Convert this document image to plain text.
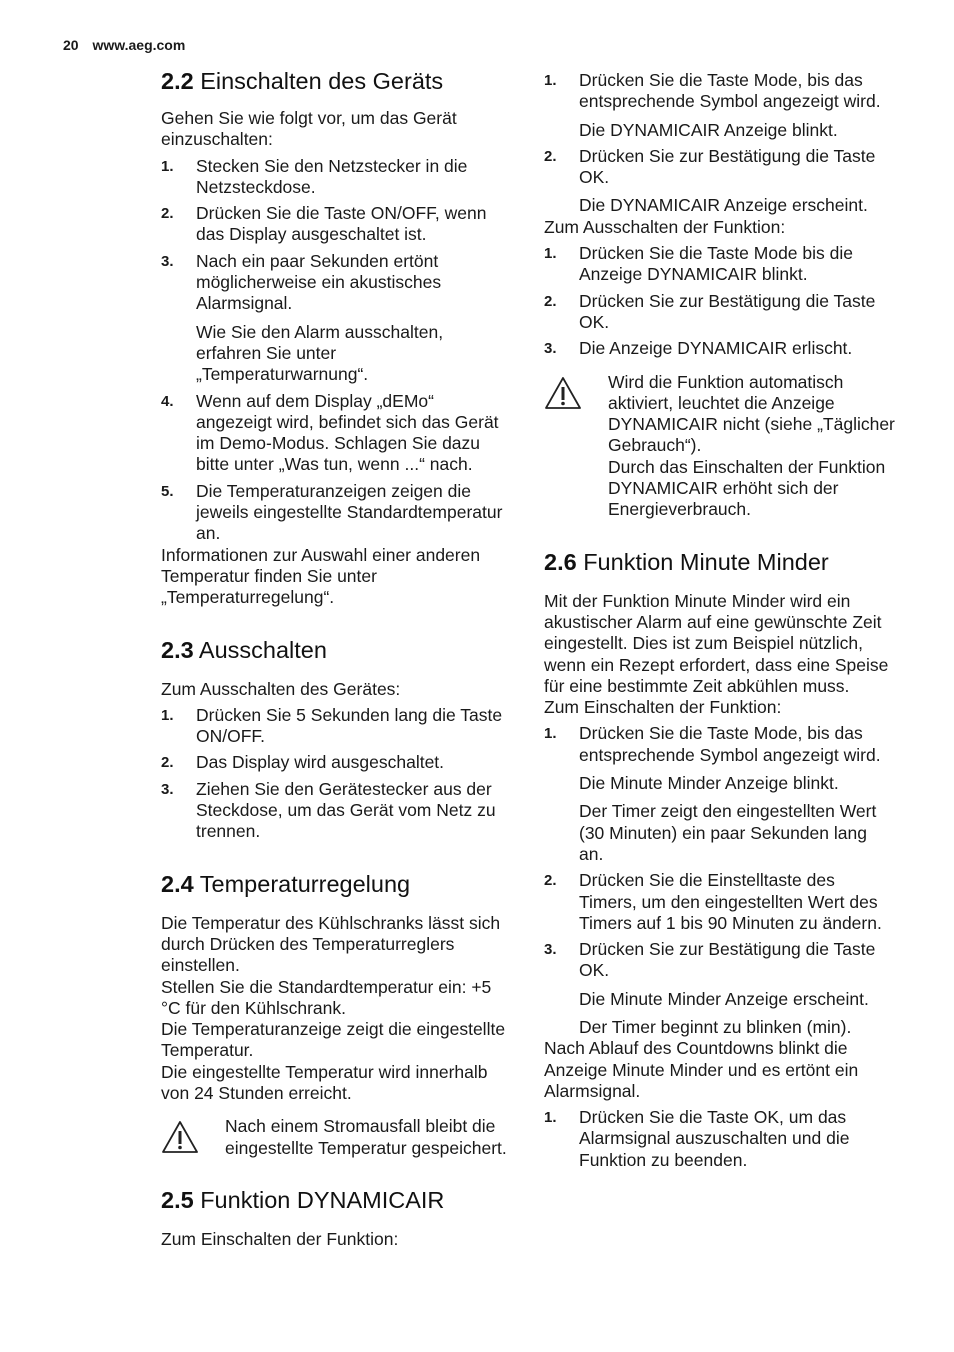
20 www.aeg.com
2.2 Einschalten des Geräts

Gehen Sie wie folgt vor, um das Gerät einzuschalten:

1. Stecken Sie den Netzstecker in die Netzsteckdose.
2. Drücken Sie die Taste ON/OFF, wenn das Display ausgeschaltet ist.
3. Nach ein paar Sekunden ertönt möglicherweise ein akustisches Alarmsignal.
Wie Sie den Alarm ausschalten, erfahren Sie unter „Temperaturwarnung“.
4. Wenn auf dem Display „dEMo“ angezeigt wird, befindet sich das Gerät im Demo-Modus. Schlagen Sie dazu bitte unter „Was tun, wenn ...“ nach.
5. Die Temperaturanzeigen zeigen die jeweils eingestellte Standardtemperatur an.

Informationen zur Auswahl einer anderen Temperatur finden Sie unter „Temperaturregelung“.

2.3 Ausschalten

Zum Ausschalten des Gerätes:

1. Drücken Sie 5 Sekunden lang die Taste ON/OFF.
2. Das Display wird ausgeschaltet.
3. Ziehen Sie den Gerätestecker aus der Steckdose, um das Gerät vom Netz zu trennen.
2.4 Temperaturregelung

Die Temperatur des Kühlschranks lässt sich durch Drücken des Temperaturreglers einstellen.

Stellen Sie die Standardtemperatur ein: +5 °C für den Kühlschrank.

Die Temperaturanzeige zeigt die eingestellte Temperatur.

Die eingestellte Temperatur wird innerhalb von 24 Stunden erreicht.

Nach einem Stromausfall bleibt die eingestellte Temperatur gespeichert.
2.5 Funktion DYNAMICAIR

Zum Einschalten der Funktion:

1. Drücken Sie die Taste Mode, bis das entsprechende Symbol angezeigt wird.
Die DYNAMICAIR Anzeige blinkt.
2. Drücken Sie zur Bestätigung die Taste OK.
Die DYNAMICAIR Anzeige erscheint.

Zum Ausschalten der Funktion:

1. Drücken Sie die Taste Mode bis die Anzeige DYNAMICAIR blinkt.
2. Drücken Sie zur Bestätigung die Taste OK.
3. Die Anzeige DYNAMICAIR erlischt.
Wird die Funktion automatisch aktiviert, leuchtet die Anzeige DYNAMICAIR nicht (siehe „Täglicher Gebrauch“).
Durch das Einschalten der Funktion DYNAMICAIR erhöht sich der Energieverbrauch.
2.6 Funktion Minute Minder

Mit der Funktion Minute Minder wird ein akustischer Alarm auf eine gewünschte Zeit eingestellt. Dies ist zum Beispiel nützlich, wenn ein Rezept erfordert, dass eine Speise für eine bestimmte Zeit abkühlen muss.

Zum Einschalten der Funktion:

1. Drücken Sie die Taste Mode, bis das entsprechende Symbol angezeigt wird.
Die Minute Minder Anzeige blinkt.
Der Timer zeigt den eingestellten Wert (30 Minuten) ein paar Sekunden lang an.
2. Drücken Sie die Einstelltaste des Timers, um den eingestellten Wert des Timers auf 1 bis 90 Minuten zu ändern.
3. Drücken Sie zur Bestätigung die Taste OK.
Die Minute Minder Anzeige erscheint.
Der Timer beginnt zu blinken (min).

Nach Ablauf des Countdowns blinkt die Anzeige Minute Minder und es ertönt ein Alarmsignal.

1. Drücken Sie die Taste OK, um das Alarmsignal auszuschalten und die Funktion zu beenden.
